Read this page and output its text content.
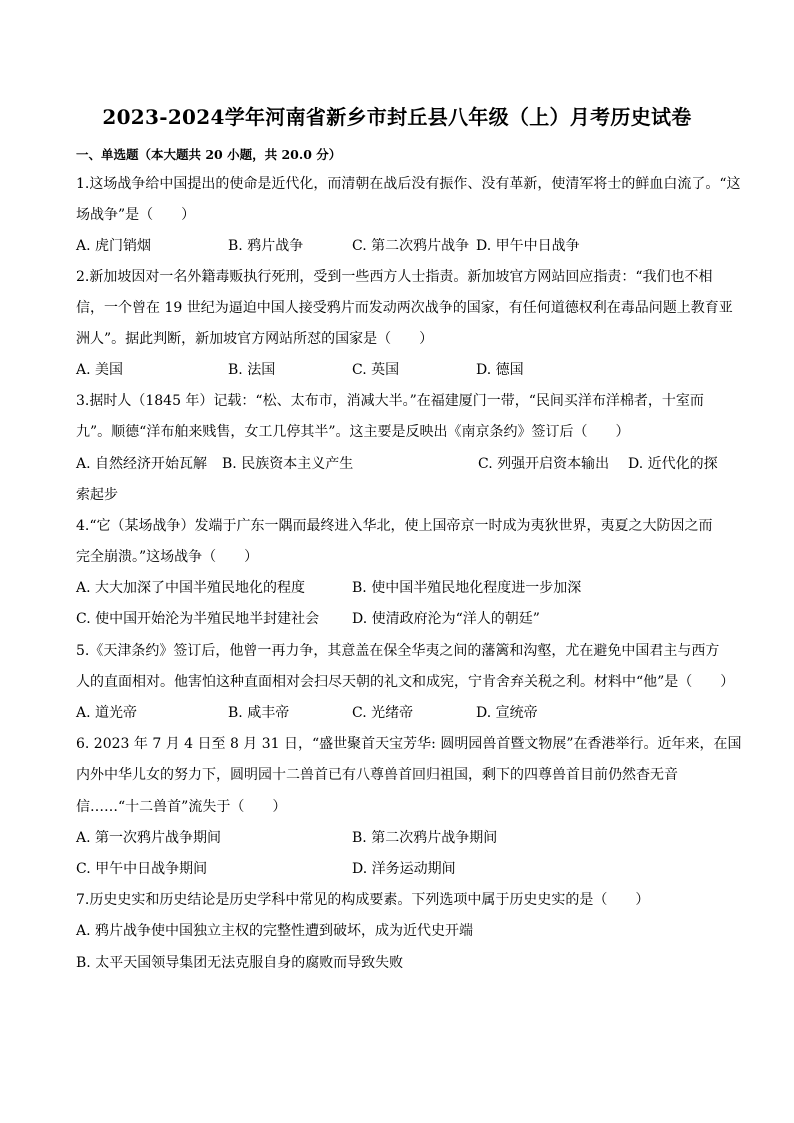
2023-2024学年河南省新乡市封丘县八年级（上）月考历史试卷
一、单选题（本大题共 20 小题，共 20.0 分）
1.这场战争给中国提出的使命是近代化，而清朝在战后没有振作、没有革新，使清军将士的鲜血白流了。“这
场战争”是（　　）
A. 虎门销烟	B. 鸦片战争	C. 第二次鸦片战争 D. 甲午中日战争
2.新加坡因对一名外籍毒贩执行死刑，受到一些西方人士指责。新加坡官方网站回应指责：“我们也不相
信，一个曾在 19 世纪为逼迫中国人接受鸦片而发动两次战争的国家，有任何道德权利在毒品问题上教育亚
洲人”。据此判断，新加坡官方网站所怼的国家是（　　）
A. 美国	B. 法国	C. 英国	D. 德国
3.据时人（1845 年）记载：“松、太布市，消减大半。”在福建厦门一带，“民间买洋布洋棉者，十室而
九”。顺德“洋布舶来贱售，女工几停其半”。这主要是反映出《南京条约》签订后（　　）
A. 自然经济开始瓦解 B. 民族资本主义产生	C. 列强开启资本输出 D. 近代化的探
索起步
4.“它（某场战争）发端于广东一隅而最终进入华北，使上国帝京一时成为夷狄世界，夷夏之大防因之而
完全崩溃。”这场战争（　　）
A. 大大加深了中国半殖民地化的程度	B. 使中国半殖民地化程度进一步加深
C. 使中国开始沦为半殖民地半封建社会 D. 使清政府沦为“洋人的朝廷”
5.《天津条约》签订后，他曾一再力争，其意盖在保全华夷之间的藩篱和沟壑，尤在避免中国君主与西方
人的直面相对。他害怕这种直面相对会扫尽天朝的礼文和成宪，宁肯舍弃关税之利。材料中“他”是（　　）
A. 道光帝	B. 咸丰帝	C. 光绪帝	D. 宣统帝
6. 2023 年 7 月 4 日至 8 月 31 日，“盛世聚首天宝芳华: 圆明园兽首暨文物展”在香港举行。近年来，在国
内外中华儿女的努力下，圆明园十二兽首已有八尊兽首回归祖国，剩下的四尊兽首目前仍然杳无音
信……“十二兽首”流失于（　　）
A. 第一次鸦片战争期间	B. 第二次鸦片战争期间
C. 甲午中日战争期间	D. 洋务运动期间
7.历史史实和历史结论是历史学科中常见的构成要素。下列选项中属于历史史实的是（　　）
A. 鸦片战争使中国独立主权的完整性遭到破坏，成为近代史开端
B. 太平天国领导集团无法克服自身的腐败而导致失败
